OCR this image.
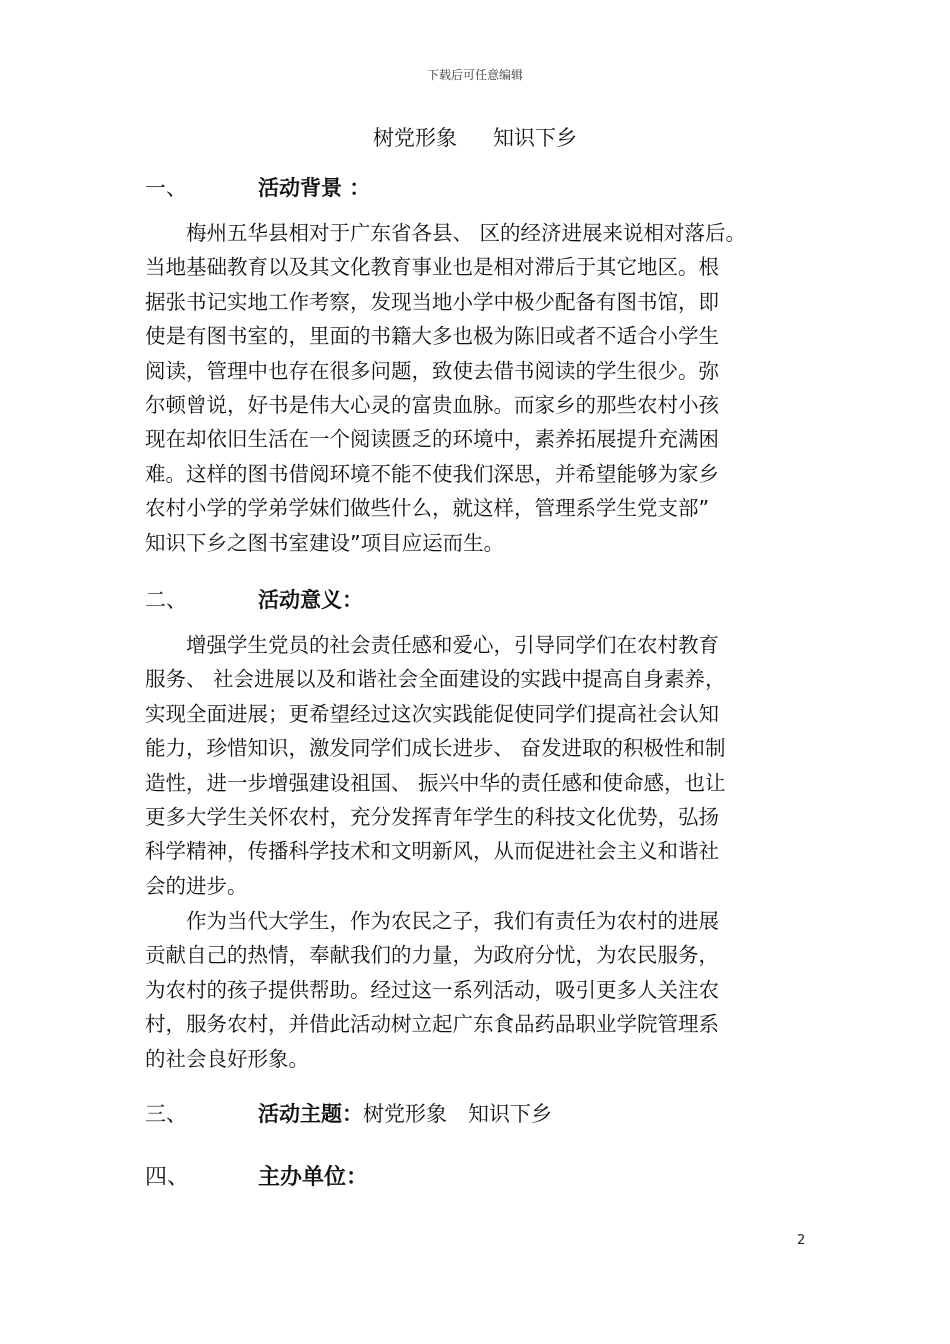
下载后可任意编辑
树党形象 知识下乡
一、	活动背景 ：
　　梅州五华县相对于广东省各县、 区的经济进展来说相对落后。
当地基础教育以及其文化教育事业也是相对滞后于其它地区。根
据张书记实地工作考察，发现当地小学中极少配备有图书馆，即
使是有图书室的，里面的书籍大多也极为陈旧或者不适合小学生
阅读，管理中也存在很多问题，致使去借书阅读的学生很少。弥
尔顿曾说，好书是伟大心灵的富贵血脉。而家乡的那些农村小孩
现在却依旧生活在一个阅读匮乏的环境中，素养拓展提升充满困
难。这样的图书借阅环境不能不使我们深思，并希望能够为家乡
农村小学的学弟学妹们做些什么，就这样，管理系学生党支部”
知识下乡之图书室建设”项目应运而生。
二、	活动意义：
　　增强学生党员的社会责任感和爱心，引导同学们在农村教育
服务、 社会进展以及和谐社会全面建设的实践中提高自身素养，
实现全面进展；更希望经过这次实践能促使同学们提高社会认知
能力，珍惜知识，激发同学们成长进步、 奋发进取的积极性和制
造性，进一步增强建设祖国、 振兴中华的责任感和使命感，也让
更多大学生关怀农村，充分发挥青年学生的科技文化优势，弘扬
科学精神，传播科学技术和文明新风，从而促进社会主义和谐社
会的进步。
　　作为当代大学生，作为农民之子，我们有责任为农村的进展
贡献自己的热情，奉献我们的力量，为政府分忧，为农民服务，
为农村的孩子提供帮助。经过这一系列活动，吸引更多人关注农
村，服务农村，并借此活动树立起广东食品药品职业学院管理系
的社会良好形象。
三、	活动主题：树党形象　知识下乡
四、	主办单位：
2
